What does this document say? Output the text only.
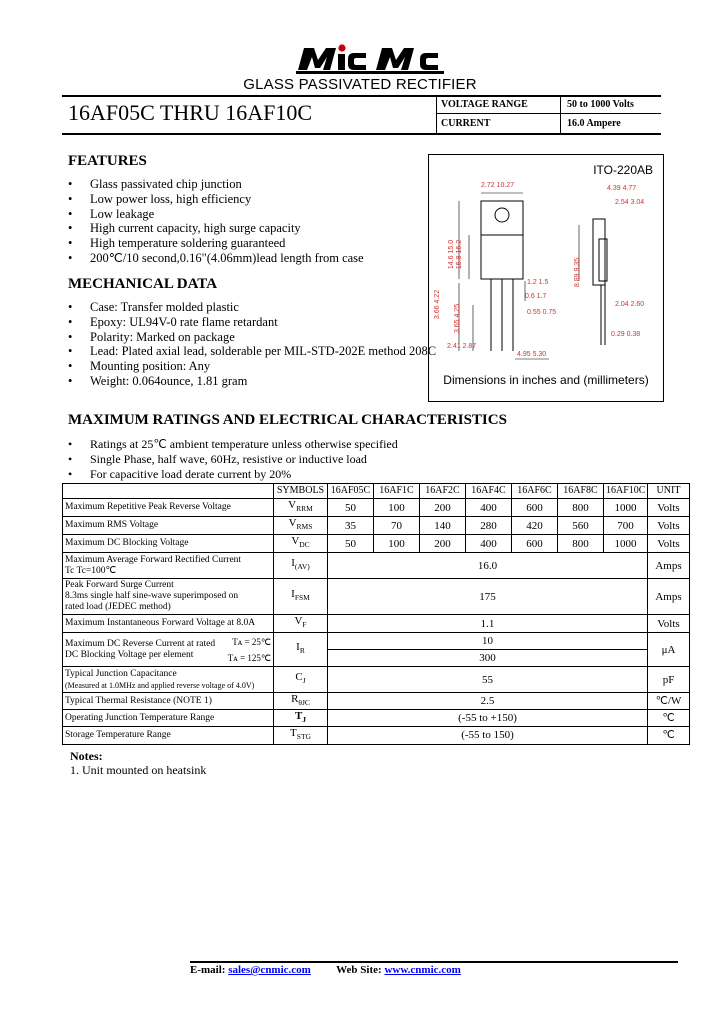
GLASS PASSIVATED RECTIFIER
16AF05C THRU 16AF10C	VOLTAGE RANGE	50 to 1000 Volts
CURRENT	16.0 Ampere
FEATURES
• Glass passivated chip junction
• Low power loss, high efficiency
• Low leakage
• High current capacity, high surge capacity
• High temperature soldering guaranteed
• 200℃/10 second,0.16"(4.06mm)lead length from case
MECHANICAL DATA
• Case: Transfer molded plastic
• Epoxy: UL94V-0 rate flame retardant
• Polarity: Marked on package
• Lead: Plated axial lead, solderable per MIL-STD-202E method 208C
• Mounting position: Any
• Weight: 0.064ounce, 1.81 gram
ITO-220AB
2.72 10.27	4.39 4.77
2.54 3.04
14.6 15.0 15.8 16.2
8.89 9.35
1.2 1.5
0.6 1.7
0.55 0.75
3.66 4.22 3.65 4.25	2.04 2.60
0.29 0.38
2.41 2.87
4.95 5.30
Dimensions in inches and (millimeters)
MAXIMUM RATINGS AND ELECTRICAL CHARACTERISTICS
• Ratings at 25℃ ambient temperature unless otherwise specified
• Single Phase, half wave, 60Hz, resistive or inductive load
• For capacitive load derate current by 20%
	SYMBOLS	16AF05C	16AF1C	16AF2C	16AF4C	16AF6C	16AF8C	16AF10C	UNIT
Maximum Repetitive Peak Reverse Voltage	$V_{RRM}$	50	100	200	400	600	800	1000	Volts
Maximum RMS Voltage	$V_{RMS}$	35	70	140	280	420	560	700	Volts
Maximum DC Blocking Voltage	$V_{DC}$	50	100	200	400	600	800	1000	Volts

Maximum Average Forward Rectified Current
Tc Tc=100℃	$I_{(AV)}$	16.0							Amps

Peak Forward Surge Current
8.3ms single half sine-wave superimposed on
rated load (JEDEC method)	$I_{FSM}$	175							Amps
Maximum Instantaneous Forward Voltage at 8.0A	$V_F$	1.1							Volts

Maximum DC Reverse Current at rated
DC Blocking Voltage per element
Tᴀ = 25℃
Tᴀ = 125℃	$I_R$	10							μA
		300							

Typical Junction Capacitance
(Measured at 1.0MHz and applied reverse voltage of 4.0V)	$C_J$	55							pF
Typical Thermal Resistance (NOTE 1)	$R_{\theta JC}$	2.5							℃/W
Operating Junction Temperature Range	$T_J$	(-55 to +150)							℃
Storage Temperature Range	$T_{STG}$	(-55 to 150)							℃
Notes:
1. Unit mounted on heatsink
E-mail: sales@cnmic.com Web Site: www.cnmic.com
